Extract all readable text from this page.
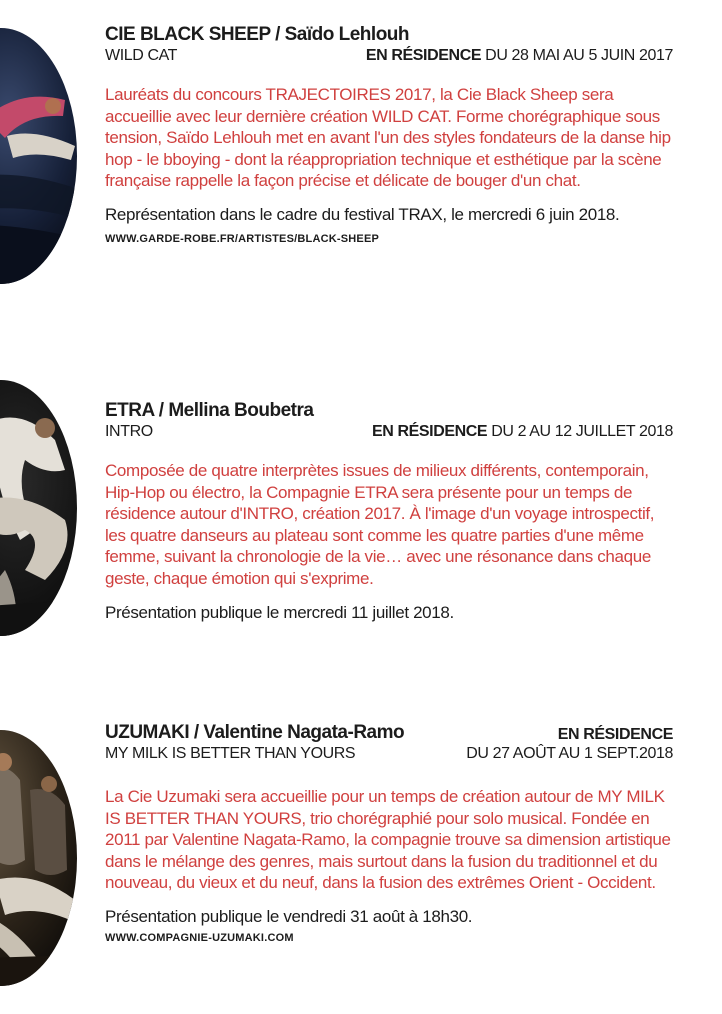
CIE BLACK SHEEP / Saïdo Lehlouh
WILD CAT	EN RÉSIDENCE DU 28 MAI AU 5 JUIN 2017

Lauréats du concours TRAJECTOIRES 2017, la Cie Black Sheep sera accueillie avec leur dernière création WILD CAT. Forme chorégraphique sous tension, Saïdo Lehlouh met en avant l'un des styles fondateurs de la danse hip hop - le bboying - dont la réappropriation technique et esthétique par la scène française rappelle la façon précise et délicate de bouger d'un chat.

Représentation dans le cadre du festival TRAX, le mercredi 6 juin 2018.

WWW.GARDE-ROBE.FR/ARTISTES/BLACK-SHEEP

ETRA / Mellina Boubetra
INTRO	EN RÉSIDENCE DU 2 AU 12 JUILLET 2018

Composée de quatre interprètes issues de milieux différents, contemporain, Hip-Hop ou électro, la Compagnie ETRA sera présente pour un temps de résidence autour d'INTRO, création 2017. À l'image d'un voyage introspectif, les quatre danseurs au plateau sont comme les quatre parties d'une même femme, suivant la chronologie de la vie… avec une résonance dans chaque geste, chaque émotion qui s'exprime.

Présentation publique le mercredi 11 juillet 2018.

UZUMAKI / Valentine Nagata-Ramo	EN RÉSIDENCE
MY MILK IS BETTER THAN YOURS	DU 27 AOÛT AU 1 SEPT.2018

La Cie Uzumaki sera accueillie pour un temps de création autour de MY MILK IS BETTER THAN YOURS, trio chorégraphié pour solo musical. Fondée en 2011 par Valentine Nagata-Ramo, la compagnie trouve sa dimension artistique dans le mélange des genres, mais surtout dans la fusion du traditionnel et du nouveau, du vieux et du neuf, dans la fusion des extrêmes Orient - Occident.

Présentation publique le vendredi 31 août à 18h30.

WWW.COMPAGNIE-UZUMAKI.COM
